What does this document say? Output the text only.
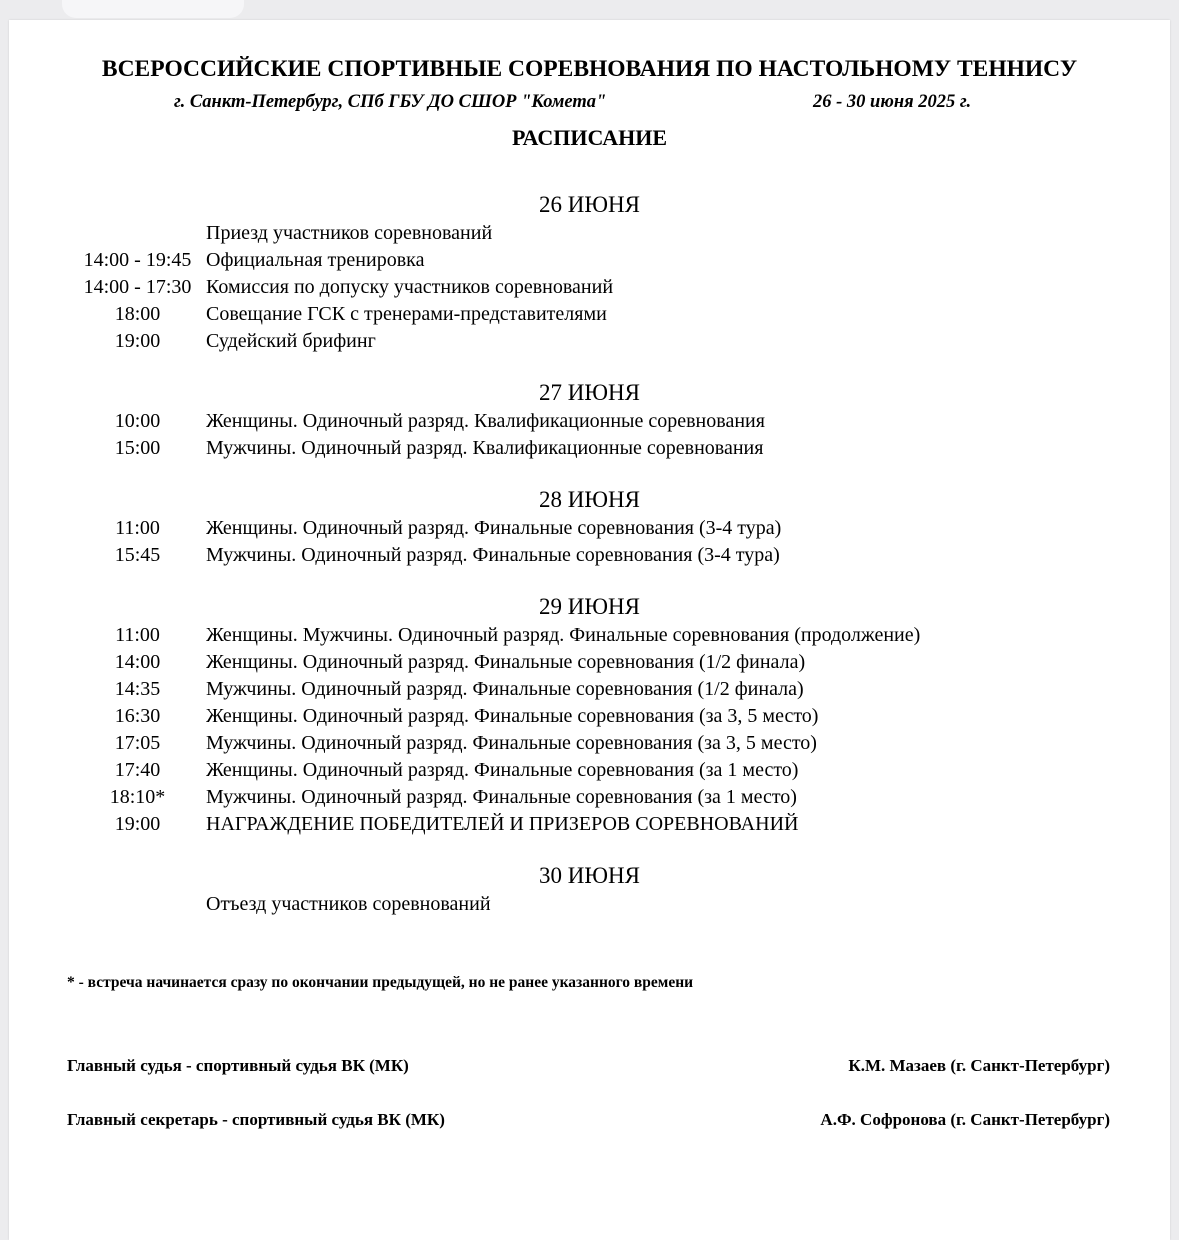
ВСЕРОССИЙСКИЕ СПОРТИВНЫЕ СОРЕВНОВАНИЯ ПО НАСТОЛЬНОМУ ТЕННИСУ
г. Санкт-Петербург, СПб ГБУ ДО СШОР "Комета"	26 - 30 июня 2025 г.
РАСПИСАНИЕ
26 ИЮНЯ
Приезд участников соревнований
14:00 - 19:45 Официальная тренировка
14:00 - 17:30 Комиссия по допуску участников соревнований
18:00	Совещание ГСК с тренерами-представителями
19:00	Судейский брифинг
27 ИЮНЯ
10:00	Женщины. Одиночный разряд. Квалификационные соревнования
15:00	Мужчины. Одиночный разряд. Квалификационные соревнования
28 ИЮНЯ
11:00	Женщины. Одиночный разряд. Финальные соревнования (3-4 тура)
15:45	Мужчины. Одиночный разряд. Финальные соревнования (3-4 тура)
29 ИЮНЯ
11:00	Женщины. Мужчины. Одиночный разряд. Финальные соревнования (продолжение)
14:00	Женщины. Одиночный разряд. Финальные соревнования (1/2 финала)
14:35	Мужчины. Одиночный разряд. Финальные соревнования (1/2 финала)
16:30	Женщины. Одиночный разряд. Финальные соревнования (за 3, 5 место)
17:05	Мужчины. Одиночный разряд. Финальные соревнования (за 3, 5 место)
17:40	Женщины. Одиночный разряд. Финальные соревнования (за 1 место)
18:10*	Мужчины. Одиночный разряд. Финальные соревнования (за 1 место)
19:00	НАГРАЖДЕНИЕ ПОБЕДИТЕЛЕЙ И ПРИЗЕРОВ СОРЕВНОВАНИЙ
30 ИЮНЯ
Отъезд участников соревнований
* - встреча начинается сразу по окончании предыдущей, но не ранее указанного времени
Главный судья - спортивный судья ВК (МК)	К.М. Мазаев (г. Санкт-Петербург)
Главный секретарь - спортивный судья ВК (МК)	А.Ф. Софронова (г. Санкт-Петербург)
